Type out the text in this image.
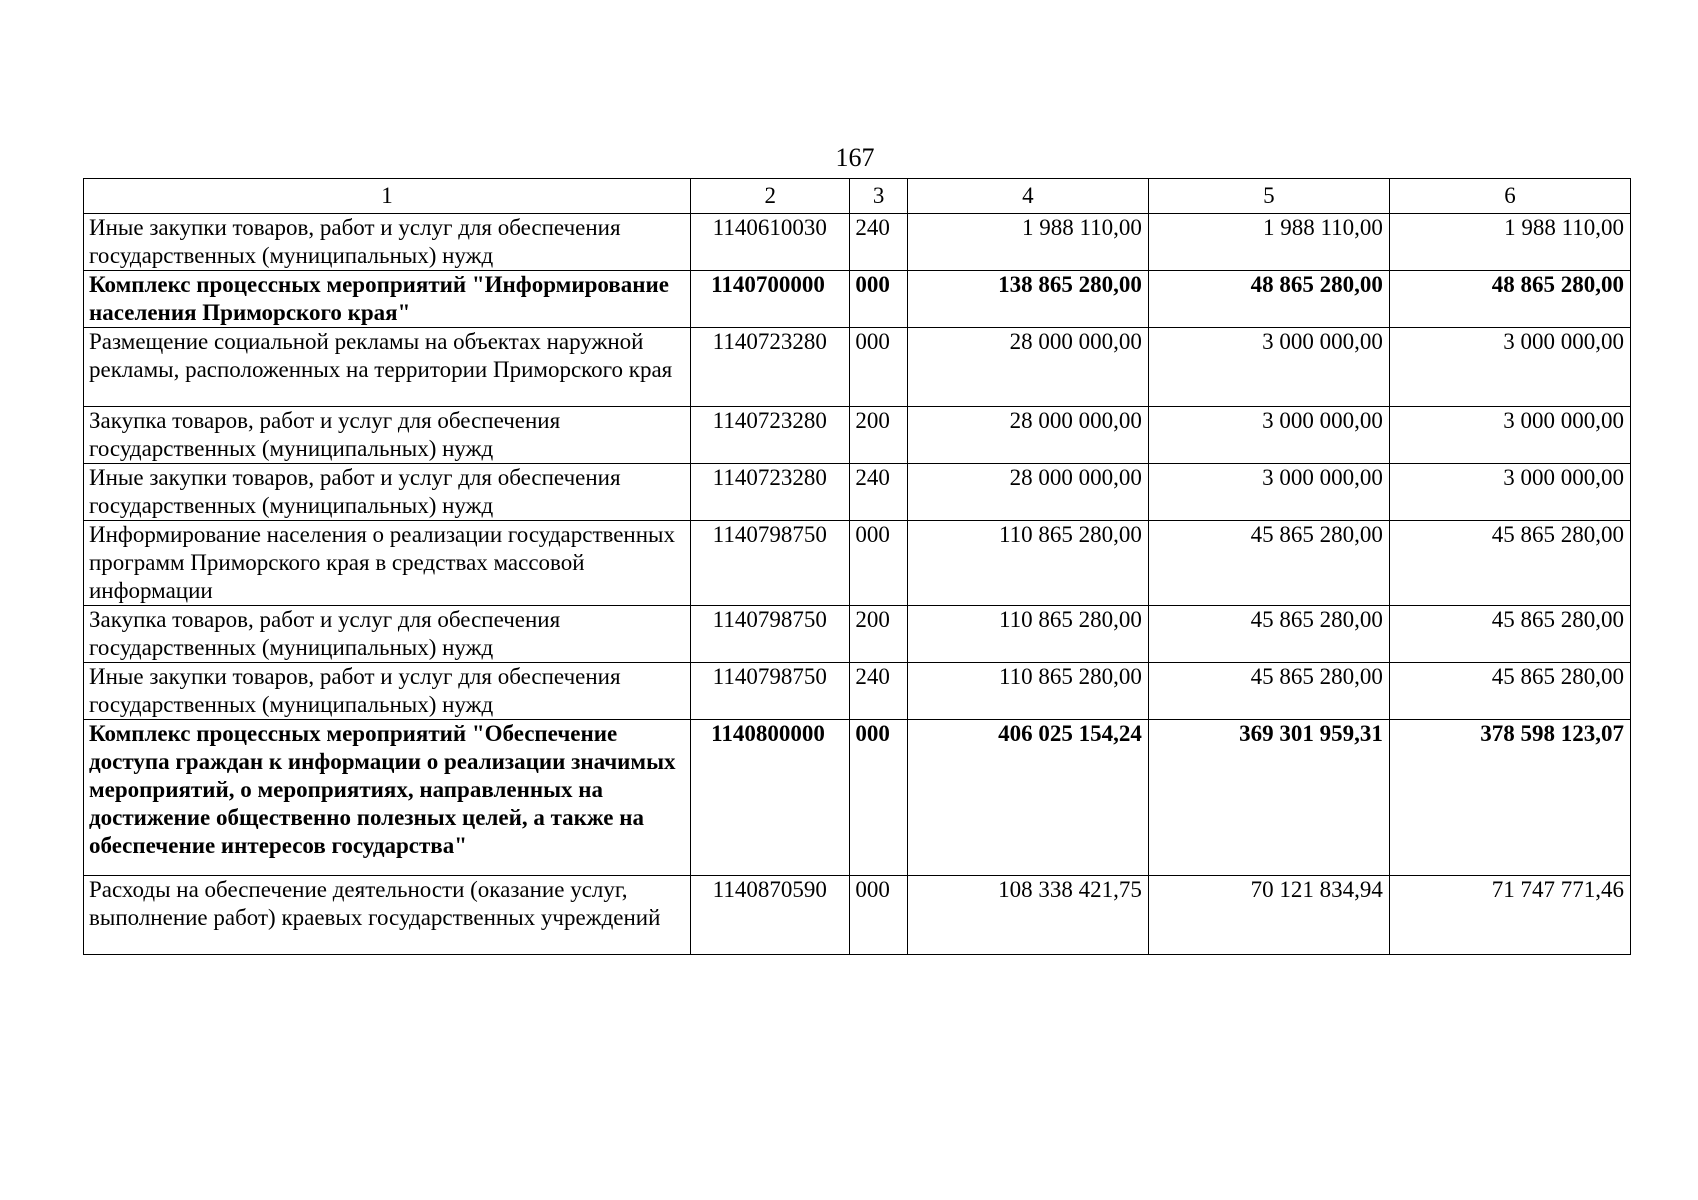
167
1	2	3	4	5	6
Иные закупки товаров, работ и услуг для обеспечения государственных (муниципальных) нужд	1140610030	240	1 988 110,00	1 988 110,00	1 988 110,00
Комплекс процессных мероприятий "Информирование населения Приморского края"	1140700000	000	138 865 280,00	48 865 280,00	48 865 280,00
Размещение социальной рекламы на объектах наружной рекламы, расположенных на территории Приморского края	1140723280	000	28 000 000,00	3 000 000,00	3 000 000,00
Закупка товаров, работ и услуг для обеспечения государственных (муниципальных) нужд	1140723280	200	28 000 000,00	3 000 000,00	3 000 000,00
Иные закупки товаров, работ и услуг для обеспечения государственных (муниципальных) нужд	1140723280	240	28 000 000,00	3 000 000,00	3 000 000,00
Информирование населения о реализации государственных программ Приморского края в средствах массовой информации	1140798750	000	110 865 280,00	45 865 280,00	45 865 280,00
Закупка товаров, работ и услуг для обеспечения государственных (муниципальных) нужд	1140798750	200	110 865 280,00	45 865 280,00	45 865 280,00
Иные закупки товаров, работ и услуг для обеспечения государственных (муниципальных) нужд	1140798750	240	110 865 280,00	45 865 280,00	45 865 280,00
Комплекс процессных мероприятий "Обеспечение доступа граждан к информации о реализации значимых мероприятий, о мероприятиях, направленных на достижение общественно полезных целей, а также на обеспечение интересов государства"	1140800000	000	406 025 154,24	369 301 959,31	378 598 123,07
Расходы на обеспечение деятельности (оказание услуг, выполнение работ) краевых государственных учреждений	1140870590	000	108 338 421,75	70 121 834,94	71 747 771,46
